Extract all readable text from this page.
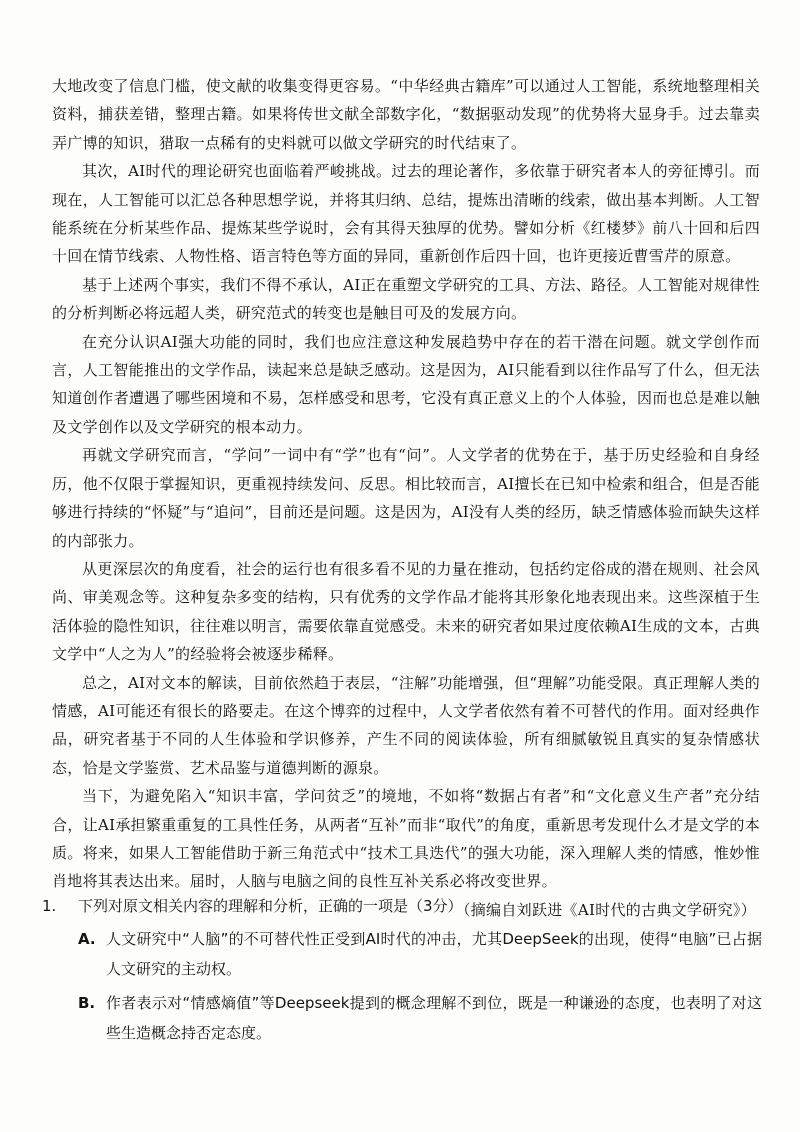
大地改变了信息门槛，使文献的收集变得更容易。“中华经典古籍库”可以通过人工智能，系统地整理相关资料，捕获差错，整理古籍。如果将传世文献全部数字化，“数据驱动发现”的优势将大显身手。过去靠卖弄广博的知识，猎取一点稀有的史料就可以做文学研究的时代结束了。

其次，AI时代的理论研究也面临着严峻挑战。过去的理论著作，多依靠于研究者本人的旁征博引。而现在，人工智能可以汇总各种思想学说，并将其归纳、总结，提炼出清晰的线索，做出基本判断。人工智能系统在分析某些作品、提炼某些学说时，会有其得天独厚的优势。譬如分析《红楼梦》前八十回和后四十回在情节线索、人物性格、语言特色等方面的异同，重新创作后四十回，也许更接近曹雪芹的原意。

基于上述两个事实，我们不得不承认，AI正在重塑文学研究的工具、方法、路径。人工智能对规律性的分析判断必将远超人类，研究范式的转变也是触目可及的发展方向。

在充分认识AI强大功能的同时，我们也应注意这种发展趋势中存在的若干潜在问题。就文学创作而言，人工智能推出的文学作品，读起来总是缺乏感动。这是因为，AI只能看到以往作品写了什么，但无法知道创作者遭遇了哪些困境和不易，怎样感受和思考，它没有真正意义上的个人体验，因而也总是难以触及文学创作以及文学研究的根本动力。

再就文学研究而言，“学问”一词中有“学”也有“问”。人文学者的优势在于，基于历史经验和自身经历，他不仅限于掌握知识，更重视持续发问、反思。相比较而言，AI擅长在已知中检索和组合，但是否能够进行持续的“怀疑”与“追问”，目前还是问题。这是因为，AI没有人类的经历，缺乏情感体验而缺失这样的内部张力。

从更深层次的角度看，社会的运行也有很多看不见的力量在推动，包括约定俗成的潜在规则、社会风尚、审美观念等。这种复杂多变的结构，只有优秀的文学作品才能将其形象化地表现出来。这些深植于生活体验的隐性知识，往往难以明言，需要依靠直觉感受。未来的研究者如果过度依赖AI生成的文本，古典文学中“人之为人”的经验将会被逐步稀释。

总之，AI对文本的解读，目前依然趋于表层，“注解”功能增强，但“理解”功能受限。真正理解人类的情感，AI可能还有很长的路要走。在这个博弈的过程中，人文学者依然有着不可替代的作用。面对经典作品，研究者基于不同的人生体验和学识修养，产生不同的阅读体验，所有细腻敏锐且真实的复杂情感状态，恰是文学鉴赏、艺术品鉴与道德判断的源泉。

当下，为避免陷入“知识丰富，学问贫乏”的境地，不如将“数据占有者”和“文化意义生产者”充分结合，让AI承担繁重重复的工具性任务，从两者“互补”而非“取代”的角度，重新思考发现什么才是文学的本质。将来，如果人工智能借助于新三角范式中“技术工具迭代”的强大功能，深入理解人类的情感，惟妙惟肖地将其表达出来。届时，人脑与电脑之间的良性互补关系必将改变世界。

（摘编自刘跃进《AI时代的古典文学研究》）

1.	下列对原文相关内容的理解和分析，正确的一项是（3分）
A. 人文研究中“人脑”的不可替代性正受到AI时代的冲击，尤其DeepSeek的出现，使得“电脑”已占据人文研究的主动权。
B. 作者表示对“情感熵值”等Deepseek提到的概念理解不到位，既是一种谦逊的态度，也表明了对这些生造概念持否定态度。
